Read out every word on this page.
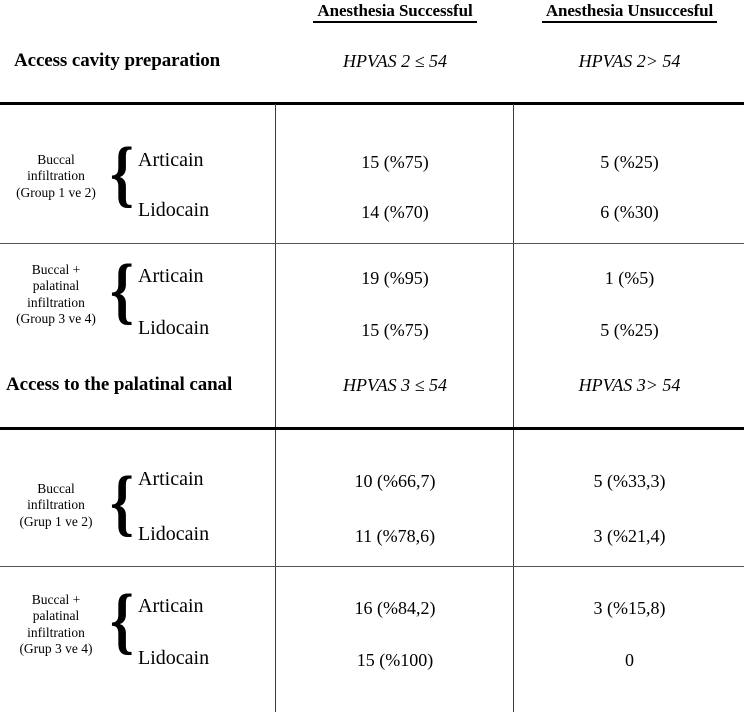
Anesthesia Successful	Anesthesia Unsuccesful
Access cavity preparation	HPVAS 2 ≤ 54	HPVAS 2> 54
Buccal
infiltration
(Group 1 ve 2) { Articain	15 (%75)	5 (%25)
Lidocain	14 (%70)	6 (%30)
Buccal +
palatinal
infiltration
(Group 3 ve 4) { Articain	19 (%95)	1 (%5)
Lidocain	15 (%75)	5 (%25)
Access to the palatinal canal	HPVAS 3 ≤ 54	HPVAS 3> 54
Buccal
infiltration
(Grup 1 ve 2) { Articain	10 (%66,7)	5 (%33,3)
Lidocain	11 (%78,6)	3 (%21,4)
Buccal +
palatinal
infiltration
(Grup 3 ve 4) { Articain	16 (%84,2)	3 (%15,8)
Lidocain	15 (%100)	0
